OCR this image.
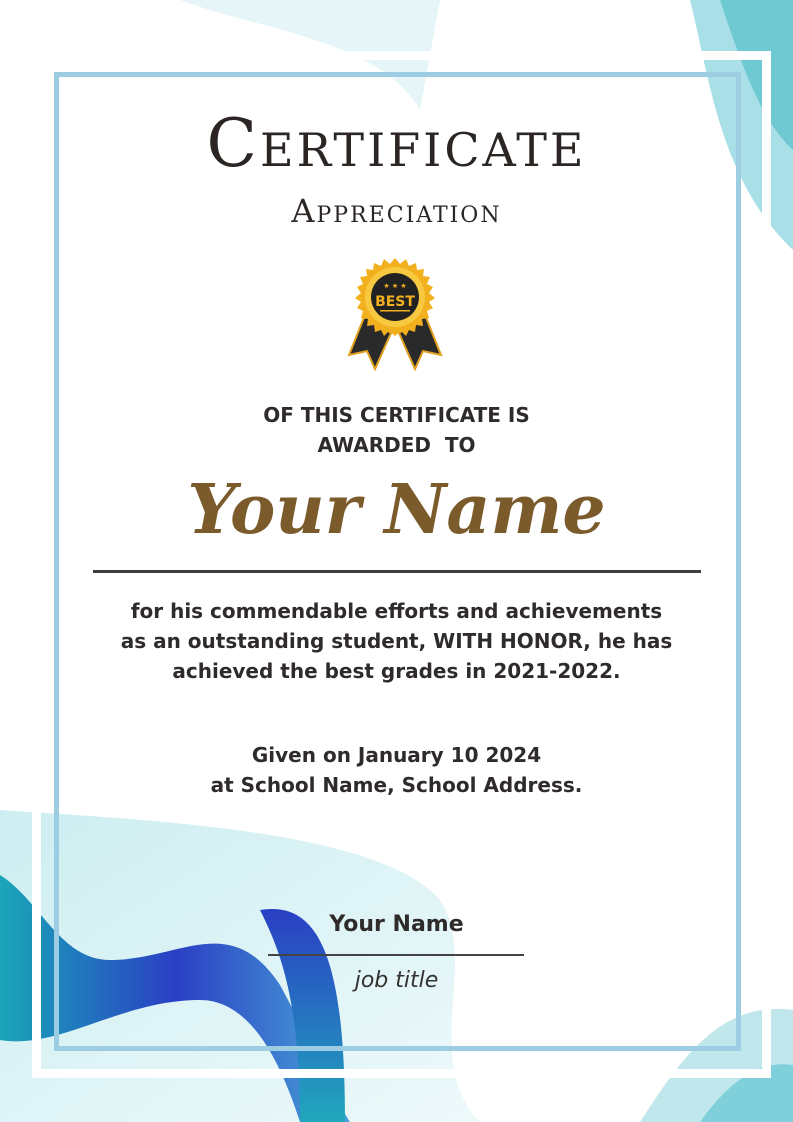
Certificate
Appreciation
★ ★ ★
BEST
OF THIS CERTIFICATE IS
AWARDED  TO
Your Name
for his commendable efforts and achievements
as an outstanding student, WITH HONOR, he has
achieved the best grades in 2021-2022.
Given on January 10 2024
at School Name, School Address.
Your Name
job title
